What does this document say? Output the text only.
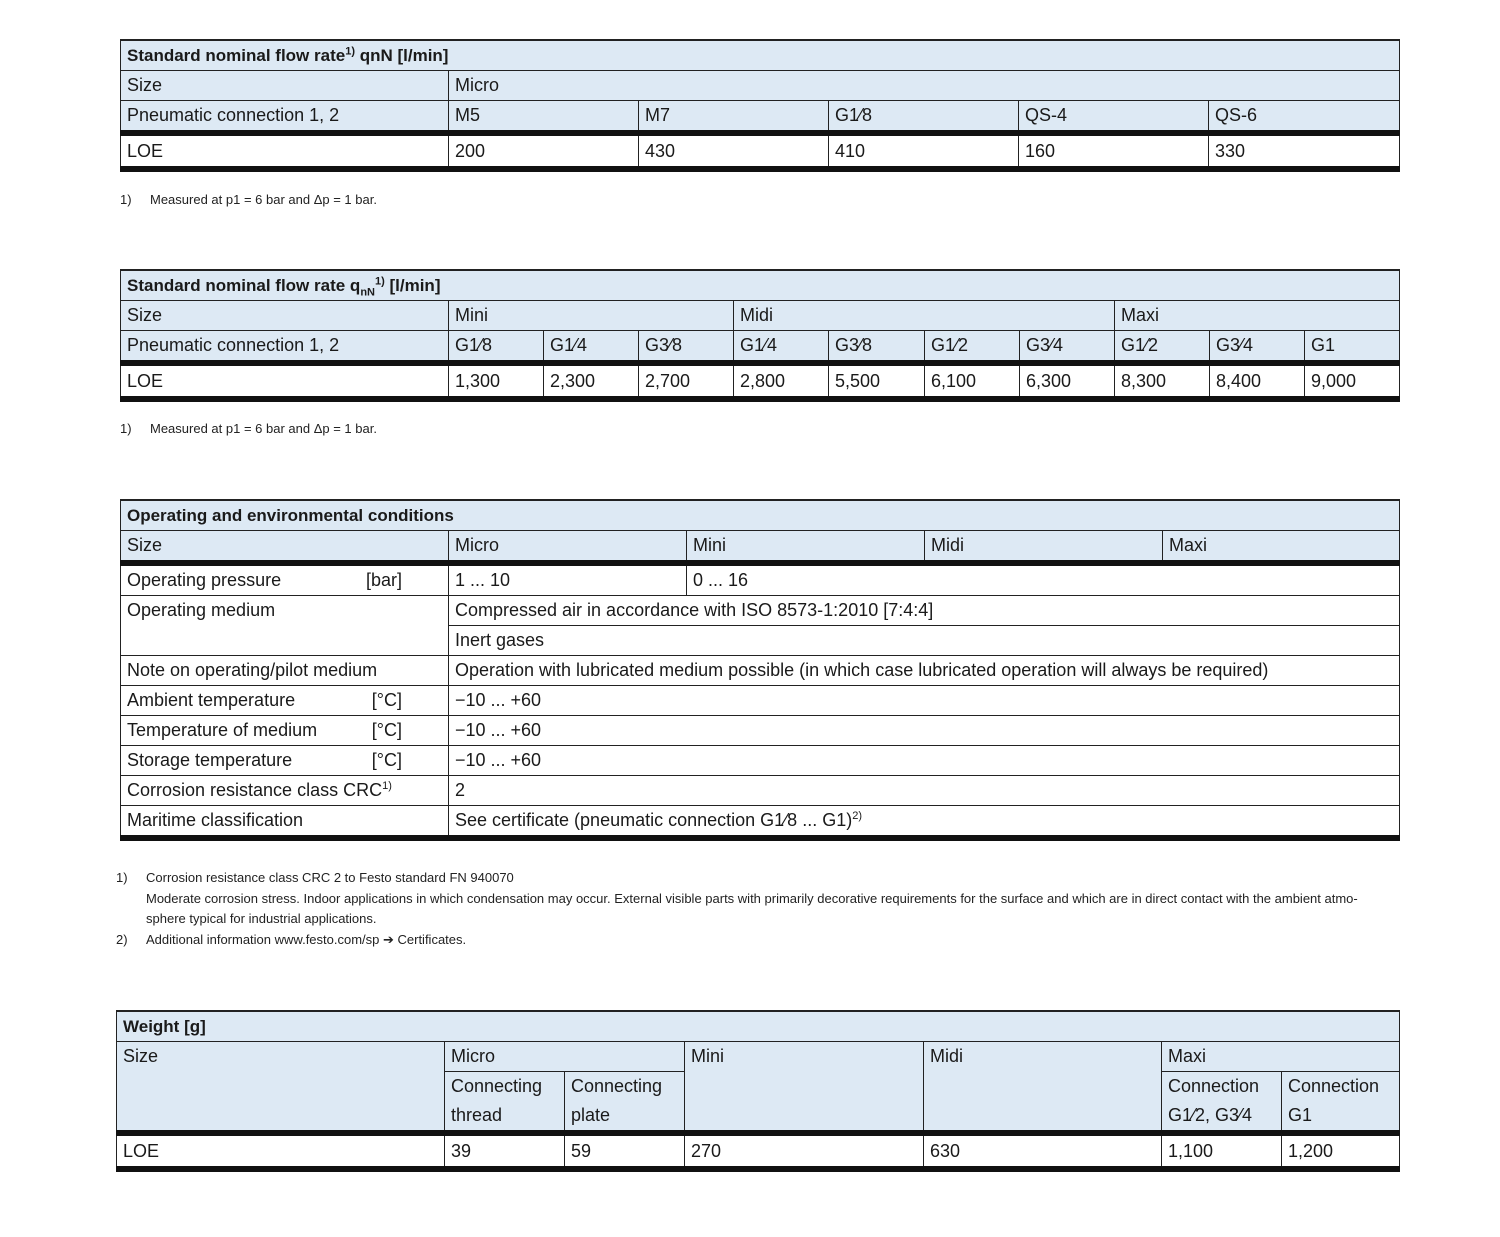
Standard nominal flow rate$^{1)}$ qnN [l/min]					
Size	Micro				
Pneumatic connection 1, 2	M5	M7	G1⁄8	QS-4	QS-6
LOE	200	430	410	160	330
1) Measured at p1 = 6 bar and Δp = 1 bar.
Standard nominal flow rate $q_{nN}^{1)}$ [l/min]										
Size	Mini			Midi				Maxi		
Pneumatic connection 1, 2	G1⁄8	G1⁄4	G3⁄8	G1⁄4	G3⁄8	G1⁄2	G3⁄4	G1⁄2	G3⁄4	G1
LOE	1,300	2,300	2,700	2,800	5,500	6,100	6,300	8,300	8,400	9,000
1) Measured at p1 = 6 bar and Δp = 1 bar.
Operating and environmental conditions				
Size	Micro	Mini	Midi	Maxi

Operating pressure [bar]	1 ... 10	0 ... 16		
Operating medium	Compressed air in accordance with ISO 8573-1:2010 [7:4:4]			
	Inert gases			
Note on operating/pilot medium	Operation with lubricated medium possible (in which case lubricated operation will always be required)			

Ambient temperature [°C]	−10 ... +60			

Temperature of medium [°C]	−10 ... +60			

Storage temperature [°C]	−10 ... +60			
Corrosion resistance class CRC$^{1)}$	2			
Maritime classification	See certificate (pneumatic connection G1⁄8 ... G1)$^{2)}$
1) Corrosion resistance class CRC 2 to Festo standard FN 940070
Moderate corrosion stress. Indoor applications in which condensation may occur. External visible parts with primarily decorative requirements for the surface and which are in direct contact with the ambient atmo-
sphere typical for industrial applications.
2) Additional information www.festo.com/sp ➔ Certificates.
Weight [g]						
Size	Micro		Mini	Midi	Maxi	
	Connecting thread	Connecting plate			Connection G1⁄2, G3⁄4	Connection G1
LOE	39	59	270	630	1,100	1,200
